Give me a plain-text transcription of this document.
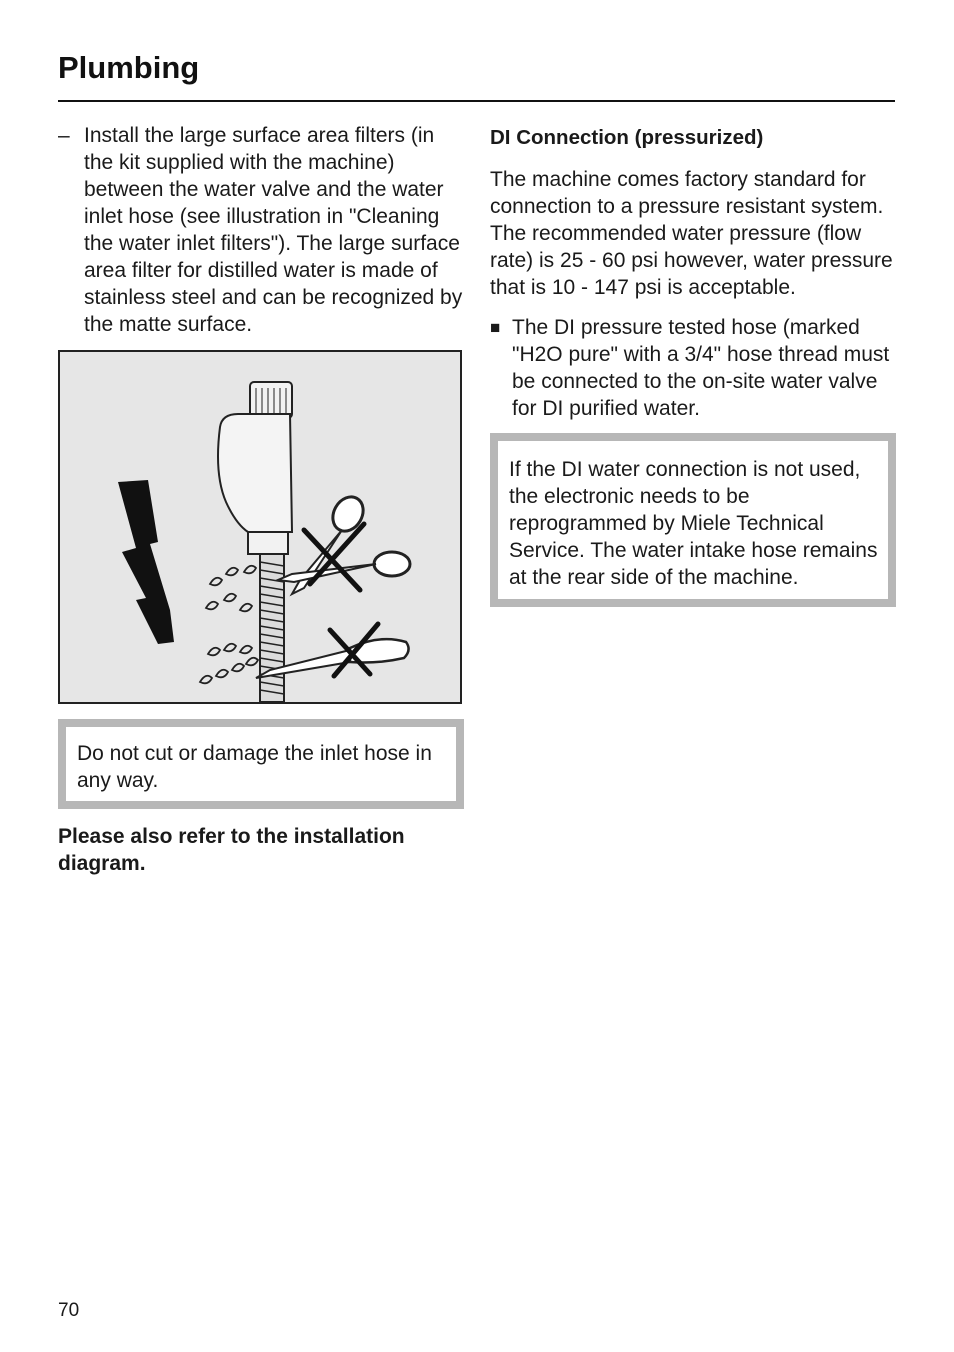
Plumbing
– Install the large surface area filters (in the kit supplied with the machine) between the water valve and the water inlet hose (see illustration in "Cleaning the water inlet filters"). The large surface area filter for distilled water is made of stainless steel and can be recognized by the matte surface.
Do not cut or damage the inlet hose in any way.

Please also refer to the installation diagram.

DI Connection (pressurized)

The machine comes factory standard for connection to a pressure resistant system. The recommended water pressure (flow rate) is 25 - 60 psi however, water pressure that is 10 - 147 psi is acceptable.

■ The DI pressure tested hose (marked "H2O pure" with a 3/4" hose thread must be connected to the on-site water valve for DI purified water.
If the DI water connection is not used, the electronic needs to be reprogrammed by Miele Technical Service. The water intake hose remains at the rear side of the machine.
70
